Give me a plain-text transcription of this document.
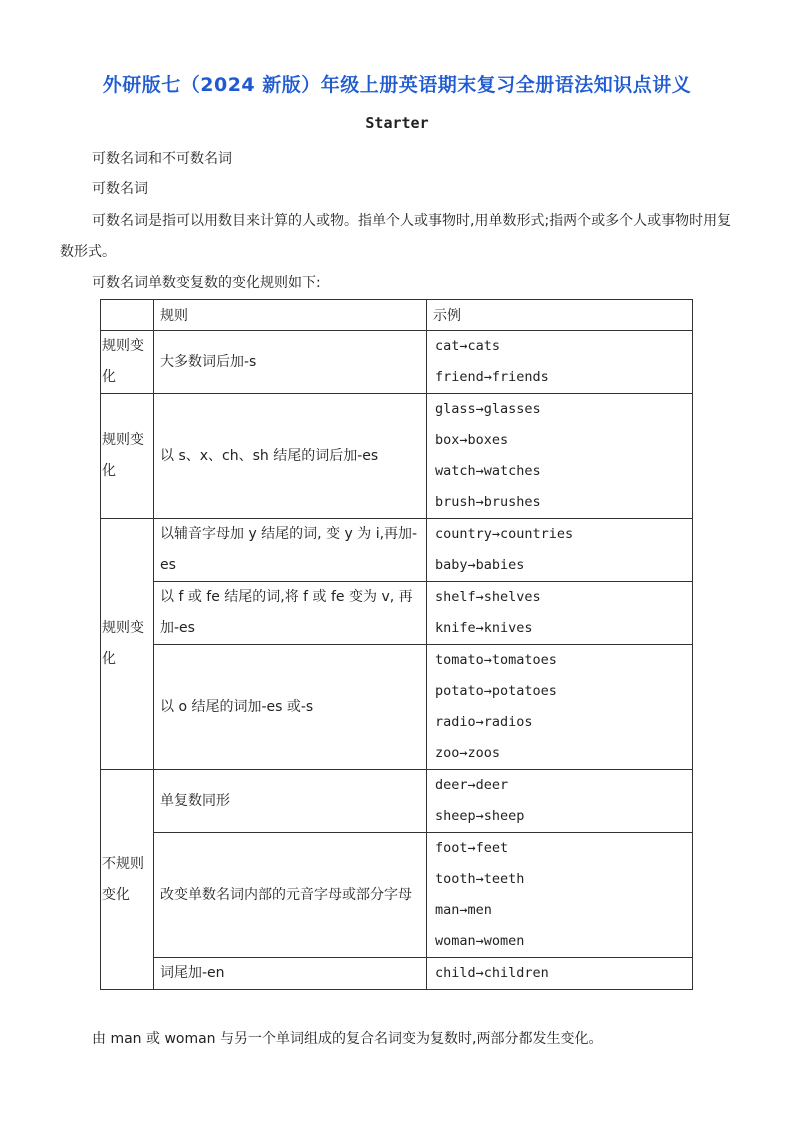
外研版七（2024 新版）年级上册英语期末复习全册语法知识点讲义
Starter
可数名词和不可数名词
可数名词
可数名词是指可以用数目来计算的人或物。指单个人或事物时,用单数形式;指两个或多个人或事物时用复数形式。
可数名词单数变复数的变化规则如下:
	规则	示例
规则变化	大多数词后加-s	cat→cats
friend→friends

规则变化	以 s、x、ch、sh 结尾的词后加-es	glass→glasses
box→boxes
watch→watches
brush→brushes

规则变化	以辅音字母加 y 结尾的词, 变 y 为 i,再加-es	country→countries
baby→babies

	以 f 或 fe 结尾的词,将 f 或 fe 变为 v, 再加-es	shelf→shelves
knife→knives

	以 o 结尾的词加-es 或-s	tomato→tomatoes
potato→potatoes
radio→radios
zoo→zoos

不规则变化	单复数同形	deer→deer
sheep→sheep

	改变单数名词内部的元音字母或部分字母	foot→feet
tooth→teeth
man→men
woman→women

	词尾加-en	child→children
由 man 或 woman 与另一个单词组成的复合名词变为复数时,两部分都发生变化。
